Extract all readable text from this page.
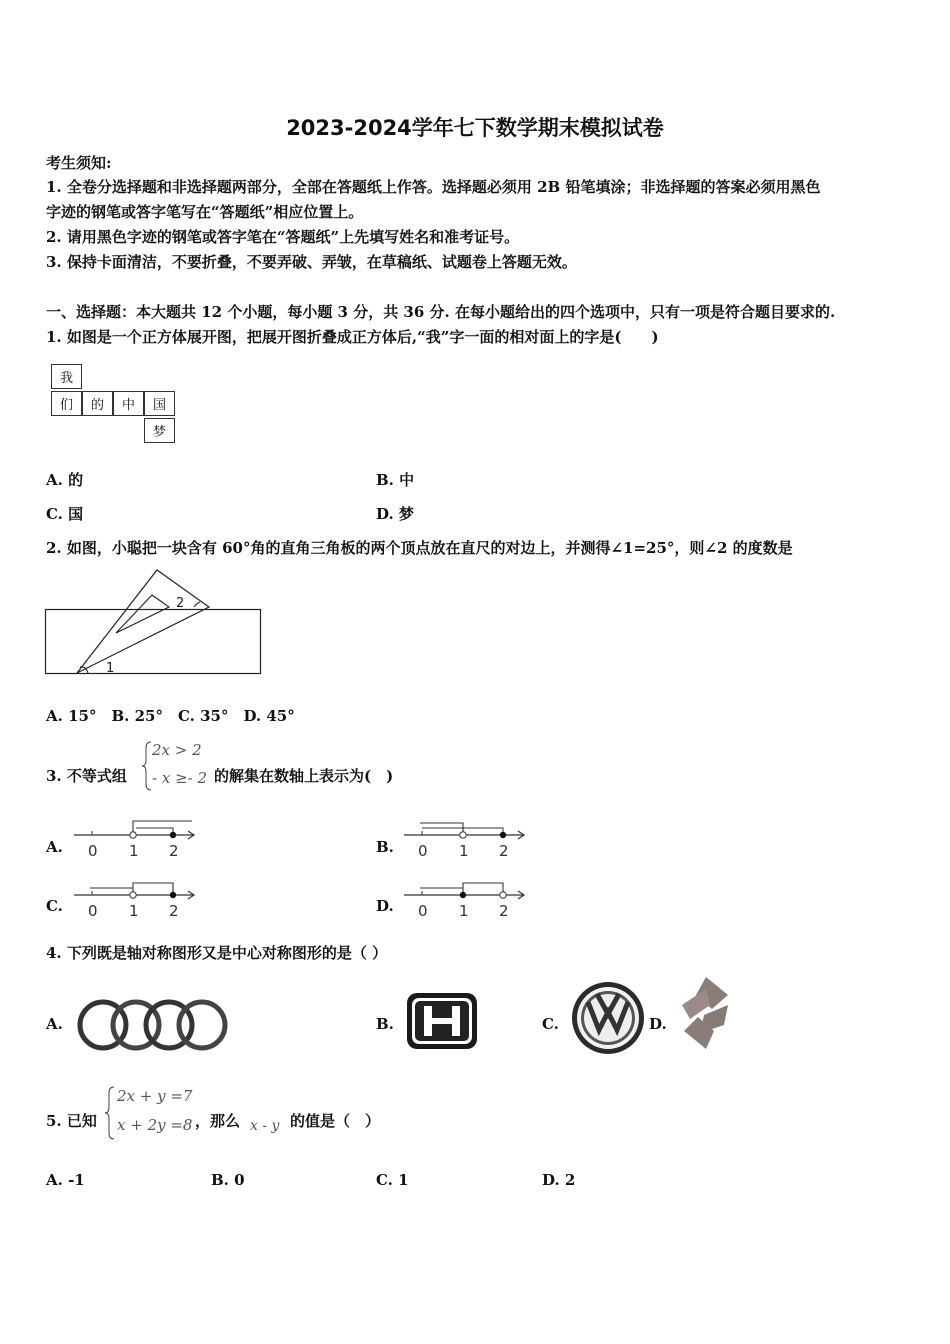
2023-2024学年七下数学期末模拟试卷
考生须知:
1. 全卷分选择题和非选择题两部分，全部在答题纸上作答。选择题必须用 2B 铅笔填涂；非选择题的答案必须用黑色
字迹的钢笔或答字笔写在“答题纸”相应位置上。
2. 请用黑色字迹的钢笔或答字笔在“答题纸”上先填写姓名和准考证号。
3. 保持卡面清洁，不要折叠，不要弄破、弄皱，在草稿纸、试题卷上答题无效。
一、选择题：本大题共 12 个小题，每小题 3 分，共 36 分. 在每小题给出的四个选项中，只有一项是符合题目要求的.
1. 如图是一个正方体展开图，把展开图折叠成正方体后,“我”字一面的相对面上的字是(　　)
我
们	的	中	国
梦
A. 的	B. 中
C. 国	D. 梦
2. 如图，小聪把一块含有 60°角的直角三角板的两个顶点放在直尺的对边上，并测得∠1=25°，则∠2 的度数是
1
2
A. 15°　B. 25°　C. 35°　D. 45°
3. 不等式组
2x > 2
- x ≥- 2 的解集在数轴上表示为(　)
A. 0 1 2	B. 0 1 2
C. 0 1 2	D. 0 1 2
4. 下列既是轴对称图形又是中心对称图形的是（ ）
A.	B.	C.	D.
5. 已知
2x + y =7
x + 2y =8 ，那么 x - y 的值是（　）
A. -1	B. 0	C. 1	D. 2
